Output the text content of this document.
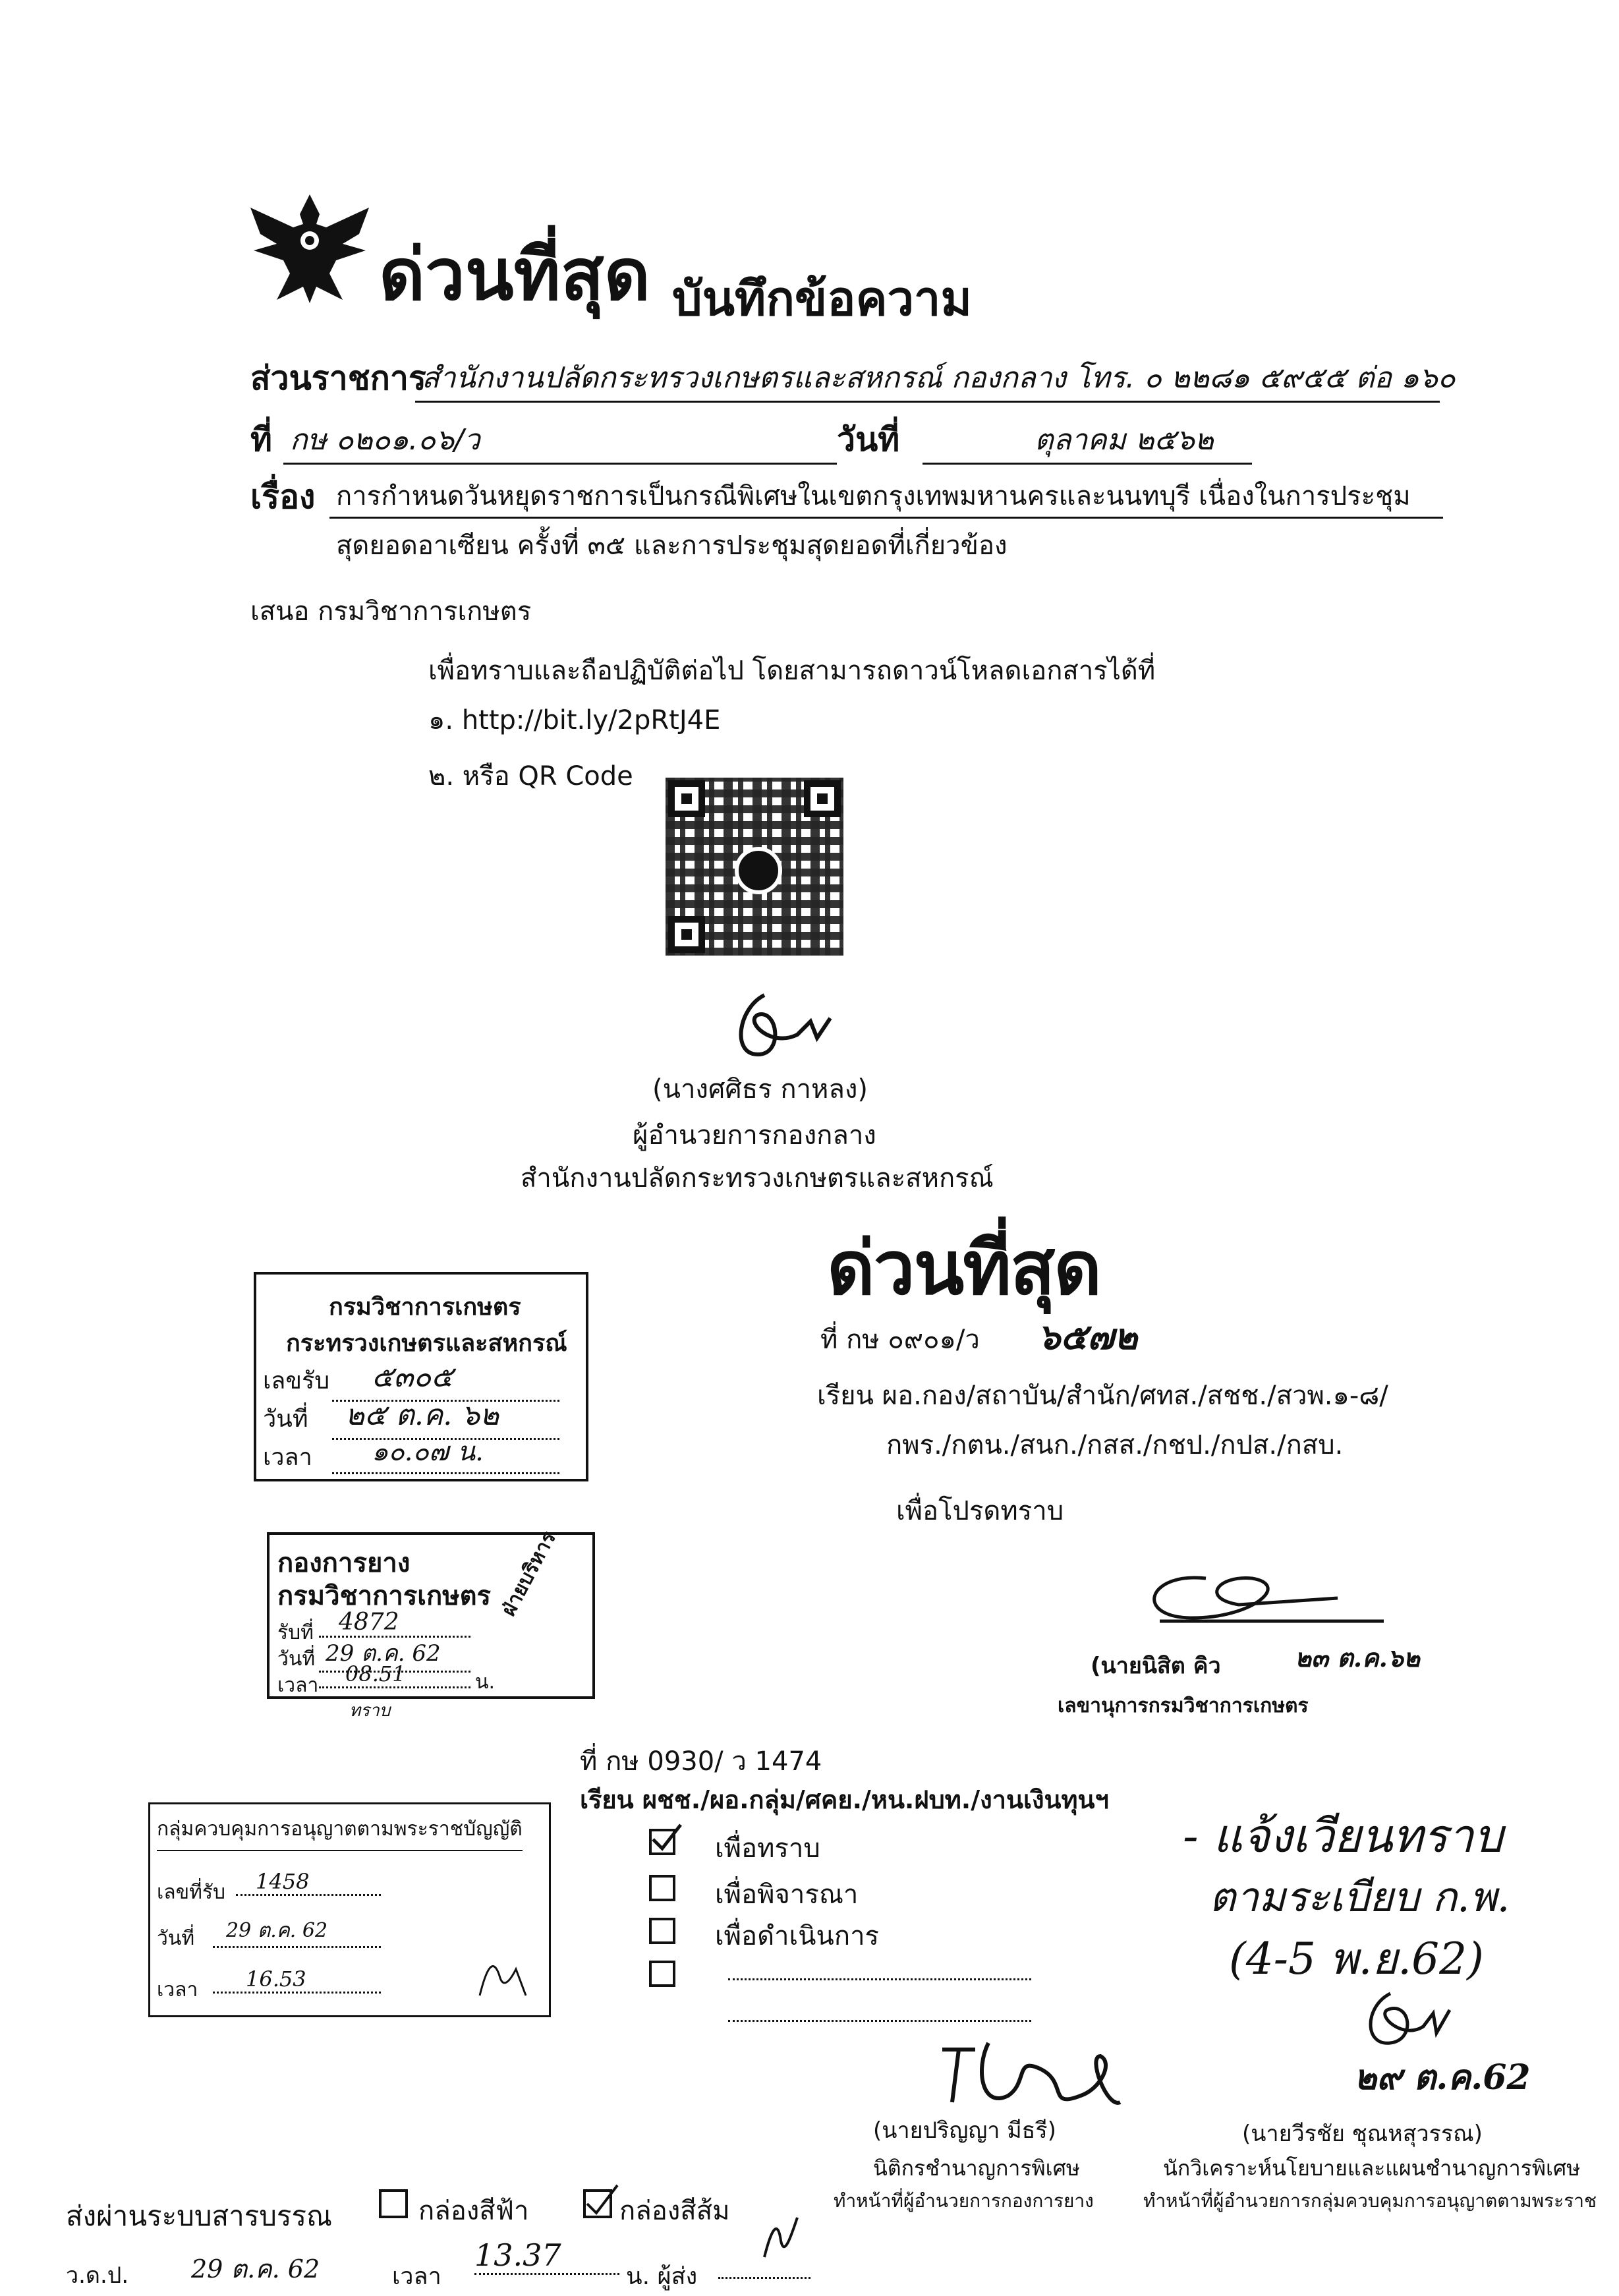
ด่วนที่สุด บันทึกข้อความ
ส่วนราชการ
สำนักงานปลัดกระทรวงเกษตรและสหกรณ์ กองกลาง โทร. ๐ ๒๒๘๑ ๕๙๕๕ ต่อ ๑๖๐
ที่ กษ ๐๒๐๑.๐๖/ว	วันที่	ตุลาคม ๒๕๖๒
เรื่อง การกำหนดวันหยุดราชการเป็นกรณีพิเศษในเขตกรุงเทพมหานครและนนทบุรี เนื่องในการประชุม
สุดยอดอาเซียน ครั้งที่ ๓๕ และการประชุมสุดยอดที่เกี่ยวข้อง
เสนอ กรมวิชาการเกษตร
เพื่อทราบและถือปฏิบัติต่อไป โดยสามารถดาวน์โหลดเอกสารได้ที่
๑. http://bit.ly/2pRtJ4E
๒. หรือ QR Code
(นางศศิธร กาหลง)
ผู้อำนวยการกองกลาง
สำนักงานปลัดกระทรวงเกษตรและสหกรณ์
ด่วนที่สุด
กรมวิชาการเกษตร
กระทรวงเกษตรและสหกรณ์
เลขรับ	๕๓๐๕
วันที่	๒๕ ต.ค. ๖๒
เวลา	๑๐.๐๗ น.
ที่ กษ ๐๙๐๑/ว ๖๕๗๒
เรียน ผอ.กอง/สถาบัน/สำนัก/ศทส./สชช./สวพ.๑-๘/
กพร./กตน./สนก./กสส./กชป./กปส./กสบ.
เพื่อโปรดทราบ
(นายนิสิต คิว	๒๓ ต.ค.๖๒
เลขานุการกรมวิชาการเกษตร
กองการยาง
กรมวิชาการเกษตร
รับที่	4872
วันที่ 29 ต.ค. 62
เวลา	08.51	น.
ฝ่ายบริหาร
ทราบ
ที่ กษ 0930/ ว 1474
เรียน ผชช./ผอ.กลุ่ม/ศคย./หน.ฝบท./งานเงินทุนฯ
เพื่อทราบ
เพื่อพิจารณา
เพื่อดำเนินการ
กลุ่มควบคุมการอนุญาตตามพระราชบัญญัติ
เลขที่รับ	1458
วันที่	29 ต.ค. 62
เวลา	16.53
- แจ้งเวียนทราบ
ตามระเบียบ ก.พ.
(4-5 พ.ย.62)
๒๙ ต.ค.62
(นายปริญญา มีธรี)
นิติกรชำนาญการพิเศษ
ทำหน้าที่ผู้อำนวยการกองการยาง
(นายวีรชัย ชุณหสุวรรณ)
นักวิเคราะห์นโยบายและแผนชำนาญการพิเศษ
ทำหน้าที่ผู้อำนวยการกลุ่มควบคุมการอนุญาตตามพระราช
ส่งผ่านระบบสารบรรณ	กล่องสีฟ้า	กล่องสีส้ม
ว.ด.ป. 29 ต.ค. 62	เวลา
13.37
น. ผู้ส่ง
